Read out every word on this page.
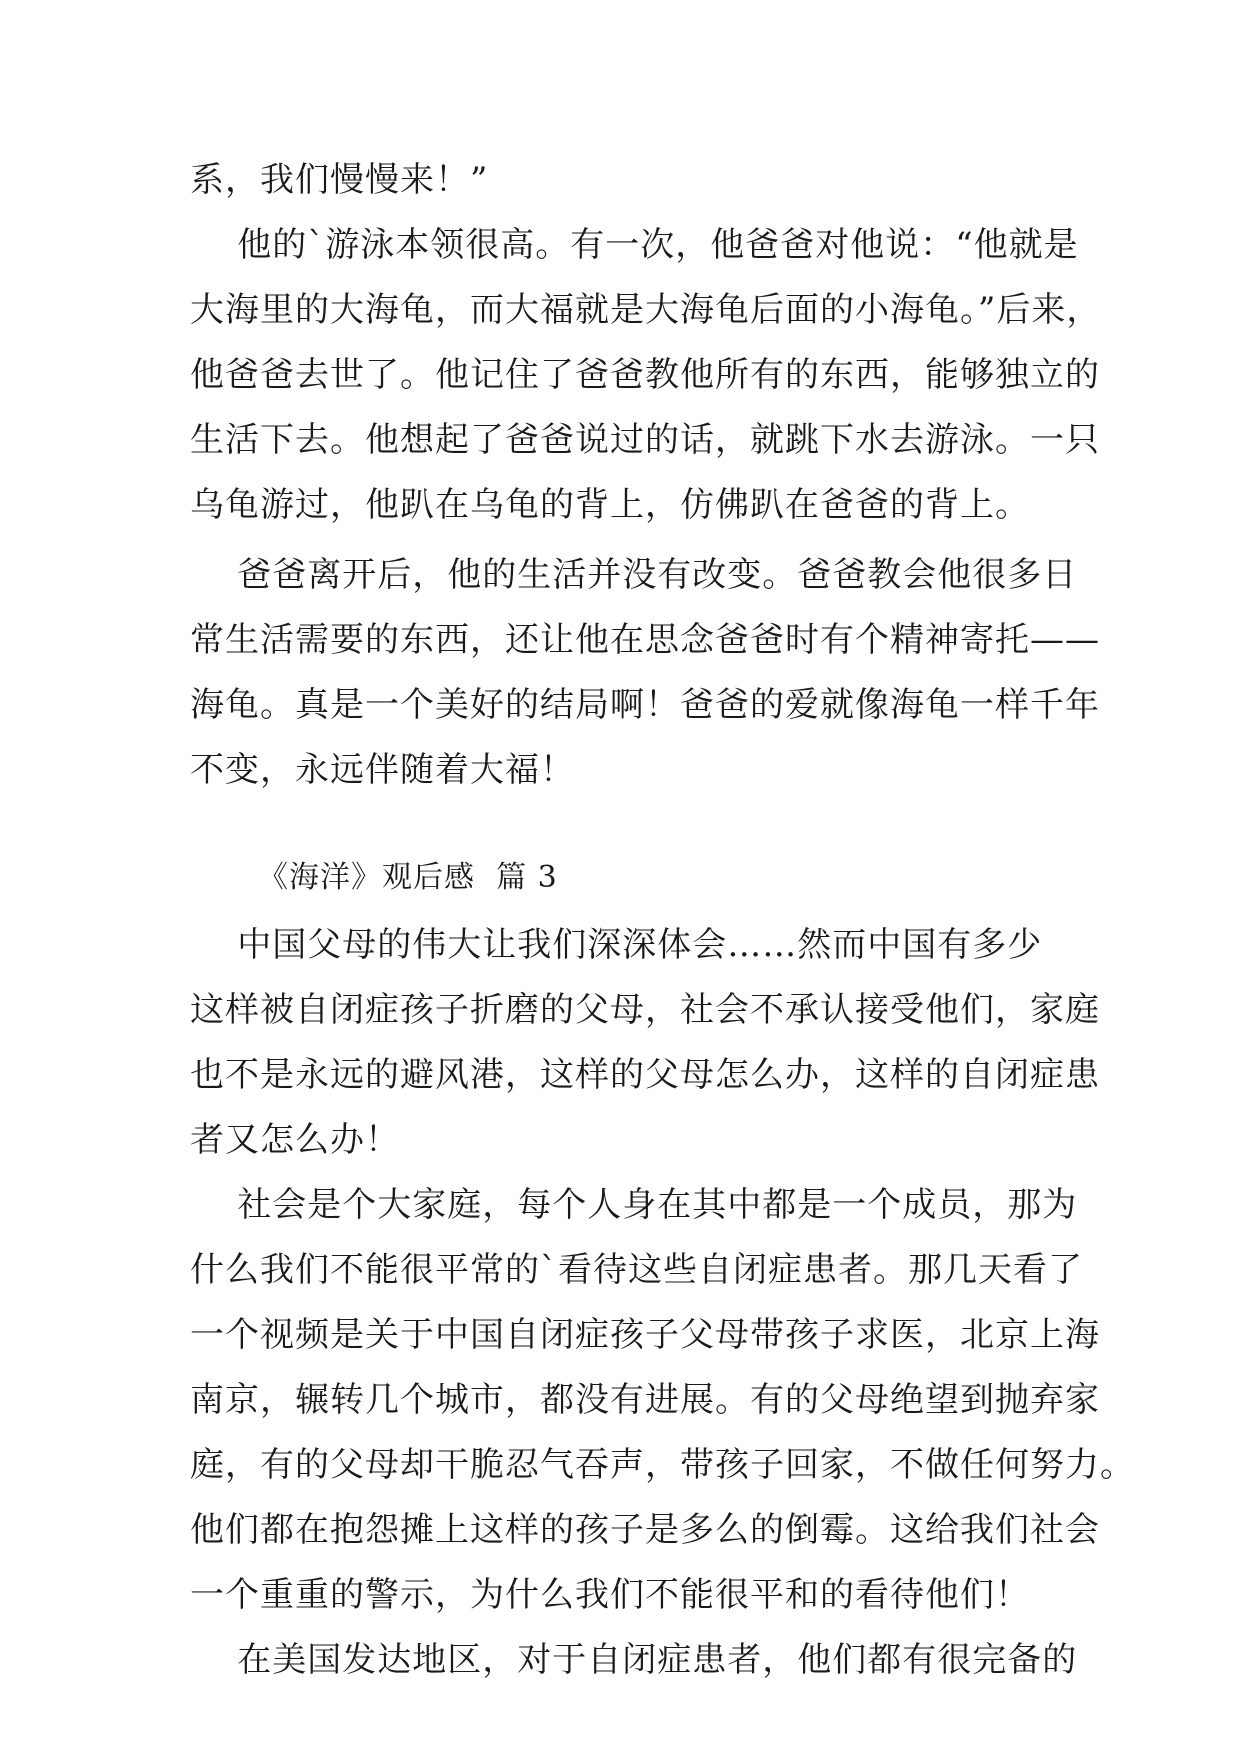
系，我们慢慢来！”
他的`游泳本领很高。有一次，他爸爸对他说：“他就是
大海里的大海龟，而大福就是大海龟后面的小海龟。”后来，
他爸爸去世了。他记住了爸爸教他所有的东西，能够独立的
生活下去。他想起了爸爸说过的话，就跳下水去游泳。一只
乌龟游过，他趴在乌龟的背上，仿佛趴在爸爸的背上。
爸爸离开后，他的生活并没有改变。爸爸教会他很多日
常生活需要的东西，还让他在思念爸爸时有个精神寄托——
海龟。真是一个美好的结局啊！爸爸的爱就像海龟一样千年
不变，永远伴随着大福！
《海洋》观后感  篇 3
中国父母的伟大让我们深深体会……然而中国有多少
这样被自闭症孩子折磨的父母，社会不承认接受他们，家庭
也不是永远的避风港，这样的父母怎么办，这样的自闭症患
者又怎么办！
社会是个大家庭，每个人身在其中都是一个成员，那为
什么我们不能很平常的`看待这些自闭症患者。那几天看了
一个视频是关于中国自闭症孩子父母带孩子求医，北京上海
南京，辗转几个城市，都没有进展。有的父母绝望到抛弃家
庭，有的父母却干脆忍气吞声，带孩子回家，不做任何努力。
他们都在抱怨摊上这样的孩子是多么的倒霉。这给我们社会
一个重重的警示，为什么我们不能很平和的看待他们！
在美国发达地区，对于自闭症患者，他们都有很完备的
